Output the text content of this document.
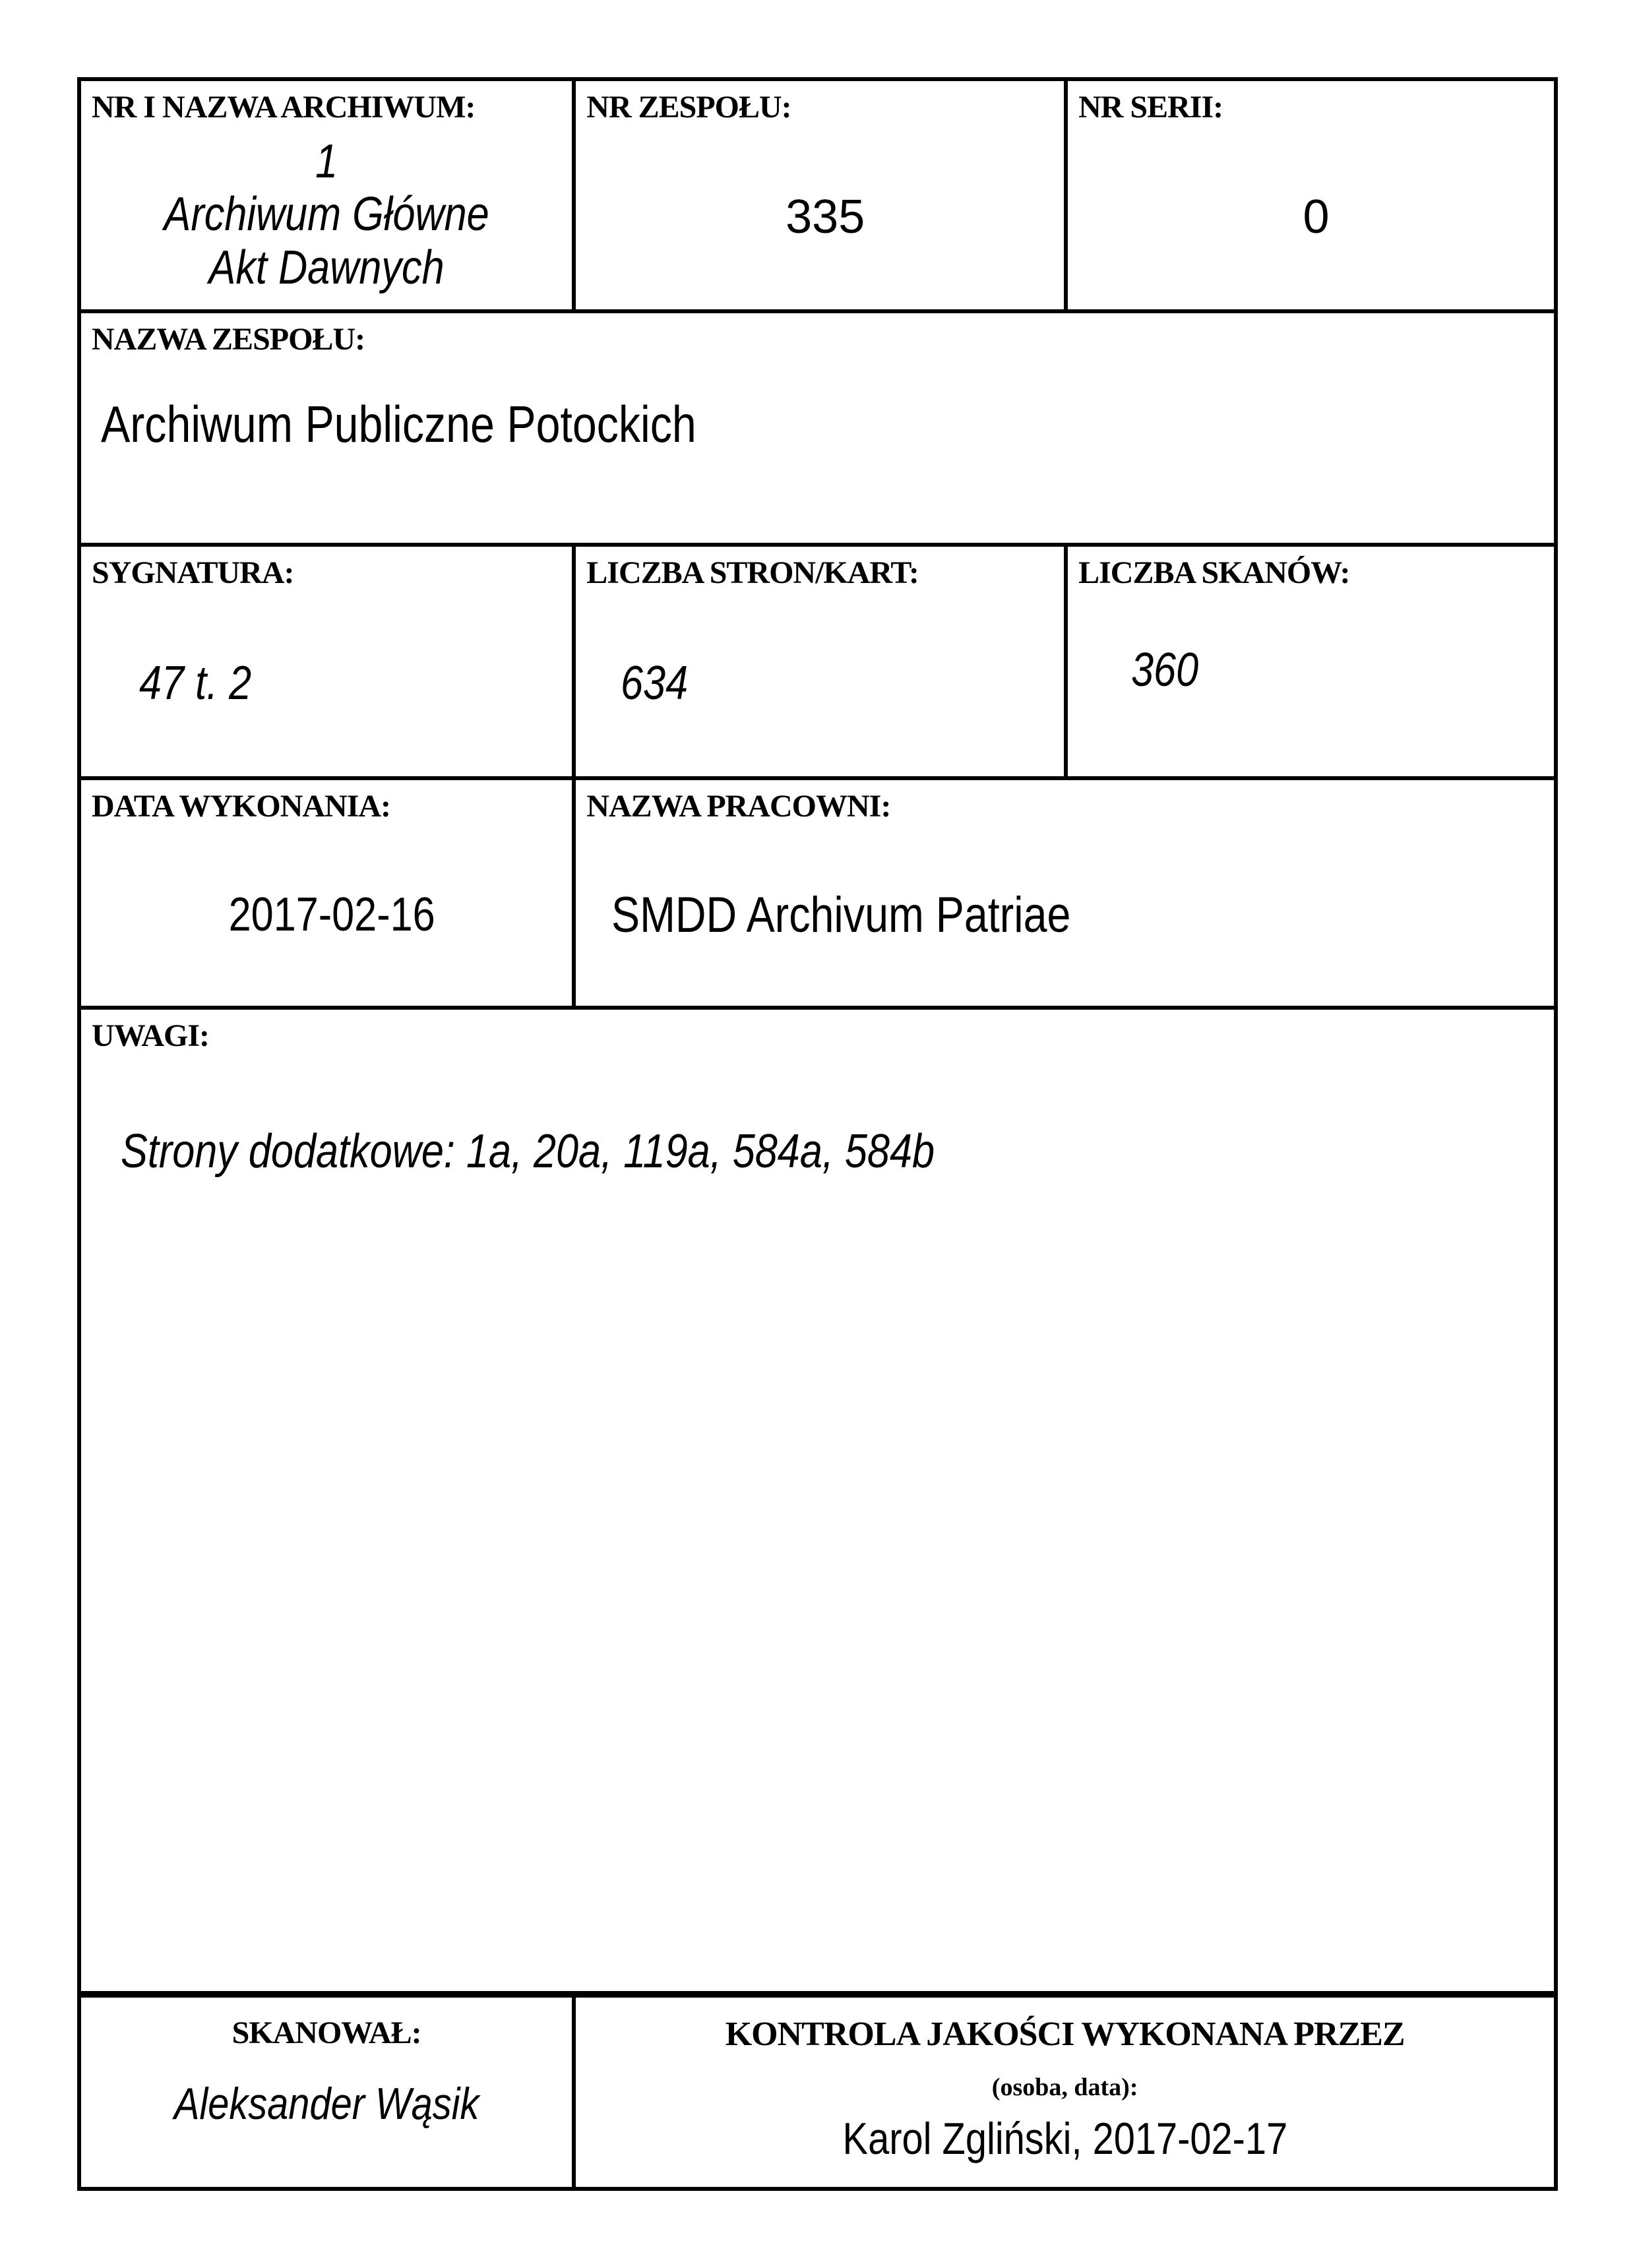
NR I NAZWA ARCHIWUM:
1
Archiwum Główne
Akt Dawnych
NR ZESPOŁU:
335
NR SERII:
0
NAZWA ZESPOŁU:
Archiwum Publiczne Potockich
SYGNATURA:
47 t. 2
LICZBA STRON/KART:
634
LICZBA SKANÓW:
360
DATA WYKONANIA:
2017-02-16
NAZWA PRACOWNI:
SMDD Archivum Patriae
UWAGI:
Strony dodatkowe: 1a, 20a, 119a, 584a, 584b
SKANOWAŁ:
Aleksander Wąsik
KONTROLA JAKOŚCI WYKONANA PRZEZ
(osoba, data):
Karol Zgliński, 2017-02-17
